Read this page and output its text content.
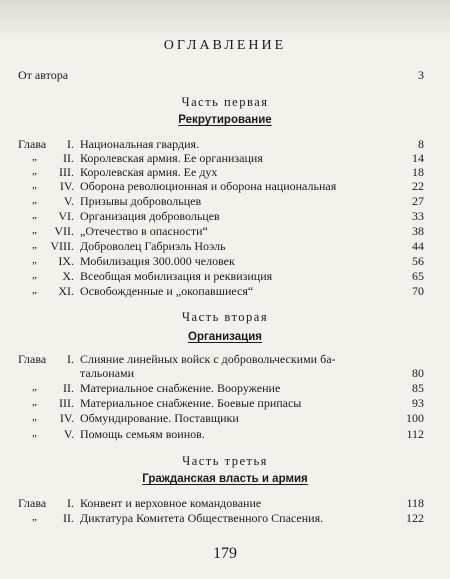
ОГЛАВЛЕНИЕ
От автора	3
Часть первая
Рекрутирование
Глава	I. Национальная гвардия.	8
„	II. Королевская армия. Ее организация	14
„	III. Королевская армия. Ее дух	18
„	IV. Оборона революционная и оборона национальная	22
„	V. Призывы добровольцев	27
„	VI. Организация добровольцев	33
„	VII. „Отечество в опасности“	38
„	VIII. Доброволец Габриэль Ноэль	44
„	IX. Мобилизация 300.000 человек	56
„	X. Всеобщая мобилизация и реквизиция	65
„	XI. Освобожденные и „окопавшиеся“	70
Часть вторая
Организация
Глава	I. Слияние линейных войск с добровольческими ба-
тальонами	80
„	II. Материальное снабжение. Вооружение	85
„	III. Материальное снабжение. Боевые припасы	93
„	IV. Обмундирование. Поставщики	100
„	V. Помощь семьям воинов.	112
Часть третья
Гражданская власть и армия
Глава	I. Конвент и верховное командование	118
„	II. Диктатура Комитета Общественного Спасения.	122
179
